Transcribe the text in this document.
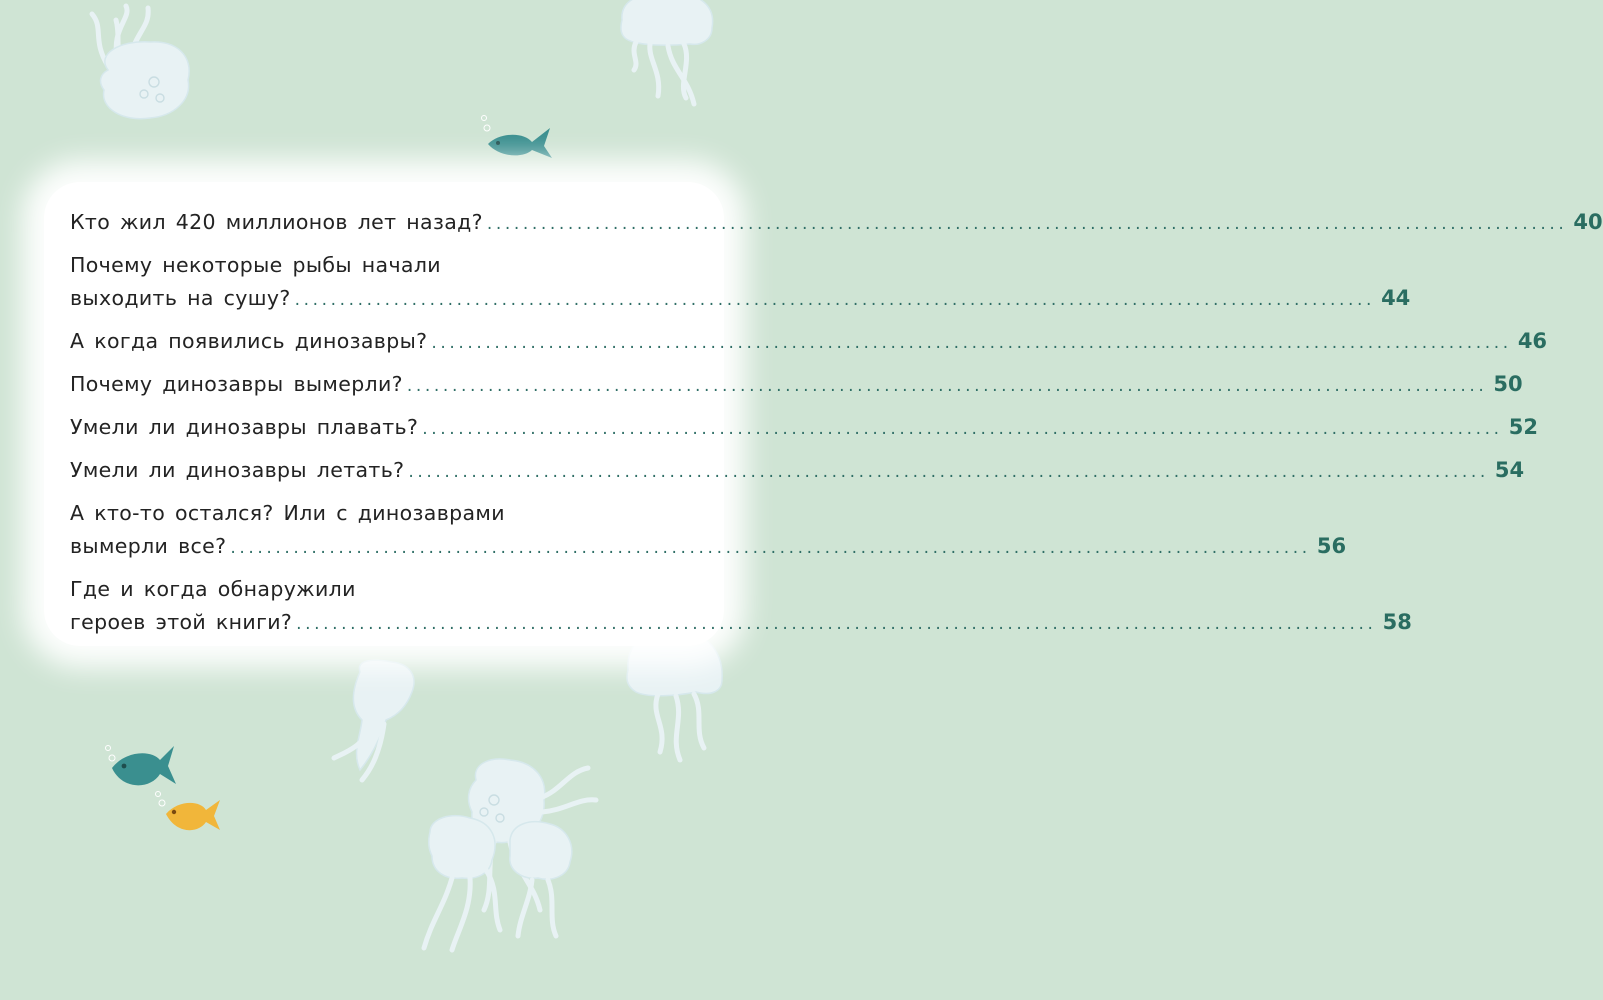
Кто жил 420 миллионов лет назад? ........................................................................................................................ 40
Почему некоторые рыбы начали
выходить на сушу? ........................................................................................................................ 44
А когда появились динозавры? ........................................................................................................................ 46
Почему динозавры вымерли? ........................................................................................................................ 50
Умели ли динозавры плавать? ........................................................................................................................ 52
Умели ли динозавры летать? ........................................................................................................................ 54
А кто-то остался? Или с динозаврами
вымерли все? ........................................................................................................................ 56
Где и когда обнаружили
героев этой книги? ........................................................................................................................ 58
